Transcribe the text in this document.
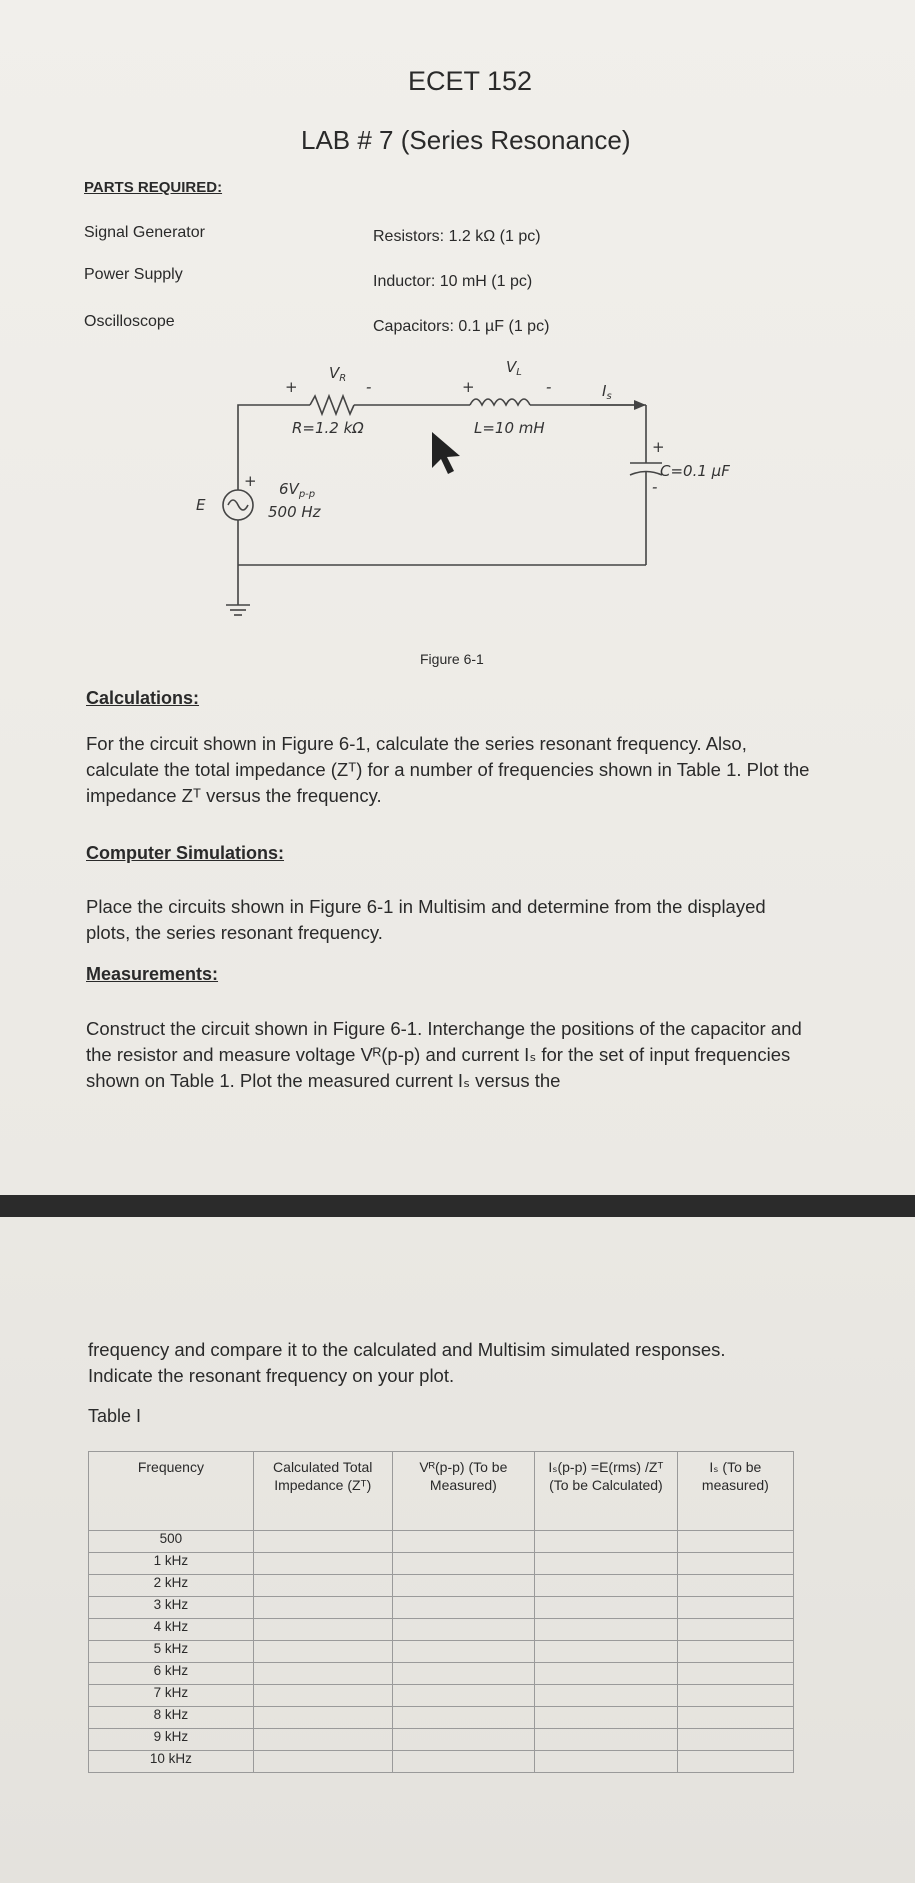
ECET 152
LAB # 7 (Series Resonance)
PARTS REQUIRED:
Signal Generator
Power Supply
Oscilloscope
Resistors: 1.2 kΩ (1 pc)
Inductor: 10 mH (1 pc)
Capacitors: 0.1 µF (1 pc)
$V_R$
+	-
$V_L$
+	-	$I_s$
R=1.2 kΩ	L=10 mH
C=0.1 µF
+
-
E
+ $6V_{p-p}$
500 Hz
Figure 6-1
Calculations:
For the circuit shown in Figure 6-1, calculate the series resonant frequency. Also, calculate the total impedance (Zᵀ) for a number of frequencies shown in Table 1. Plot the impedance Zᵀ versus the frequency.
Computer Simulations:
Place the circuits shown in Figure 6-1 in Multisim and determine from the displayed plots, the series resonant frequency.
Measurements:
Construct the circuit shown in Figure 6-1. Interchange the positions of the capacitor and the resistor and measure voltage Vᴿ(p-p) and current Iₛ for the set of input frequencies shown on Table 1. Plot the measured current Iₛ versus the
frequency and compare it to the calculated and Multisim simulated responses. Indicate the resonant frequency on your plot.
Table I
Frequency	Calculated Total Impedance (Zᵀ)	Vᴿ(p-p) (To be Measured)	Iₛ(p-p) =E(rms) /Zᵀ (To be Calculated)	Iₛ (To be measured)
500				
1 kHz				
2 kHz				
3 kHz				
4 kHz				
5 kHz				
6 kHz				
7 kHz				
8 kHz				
9 kHz				
10 kHz				
